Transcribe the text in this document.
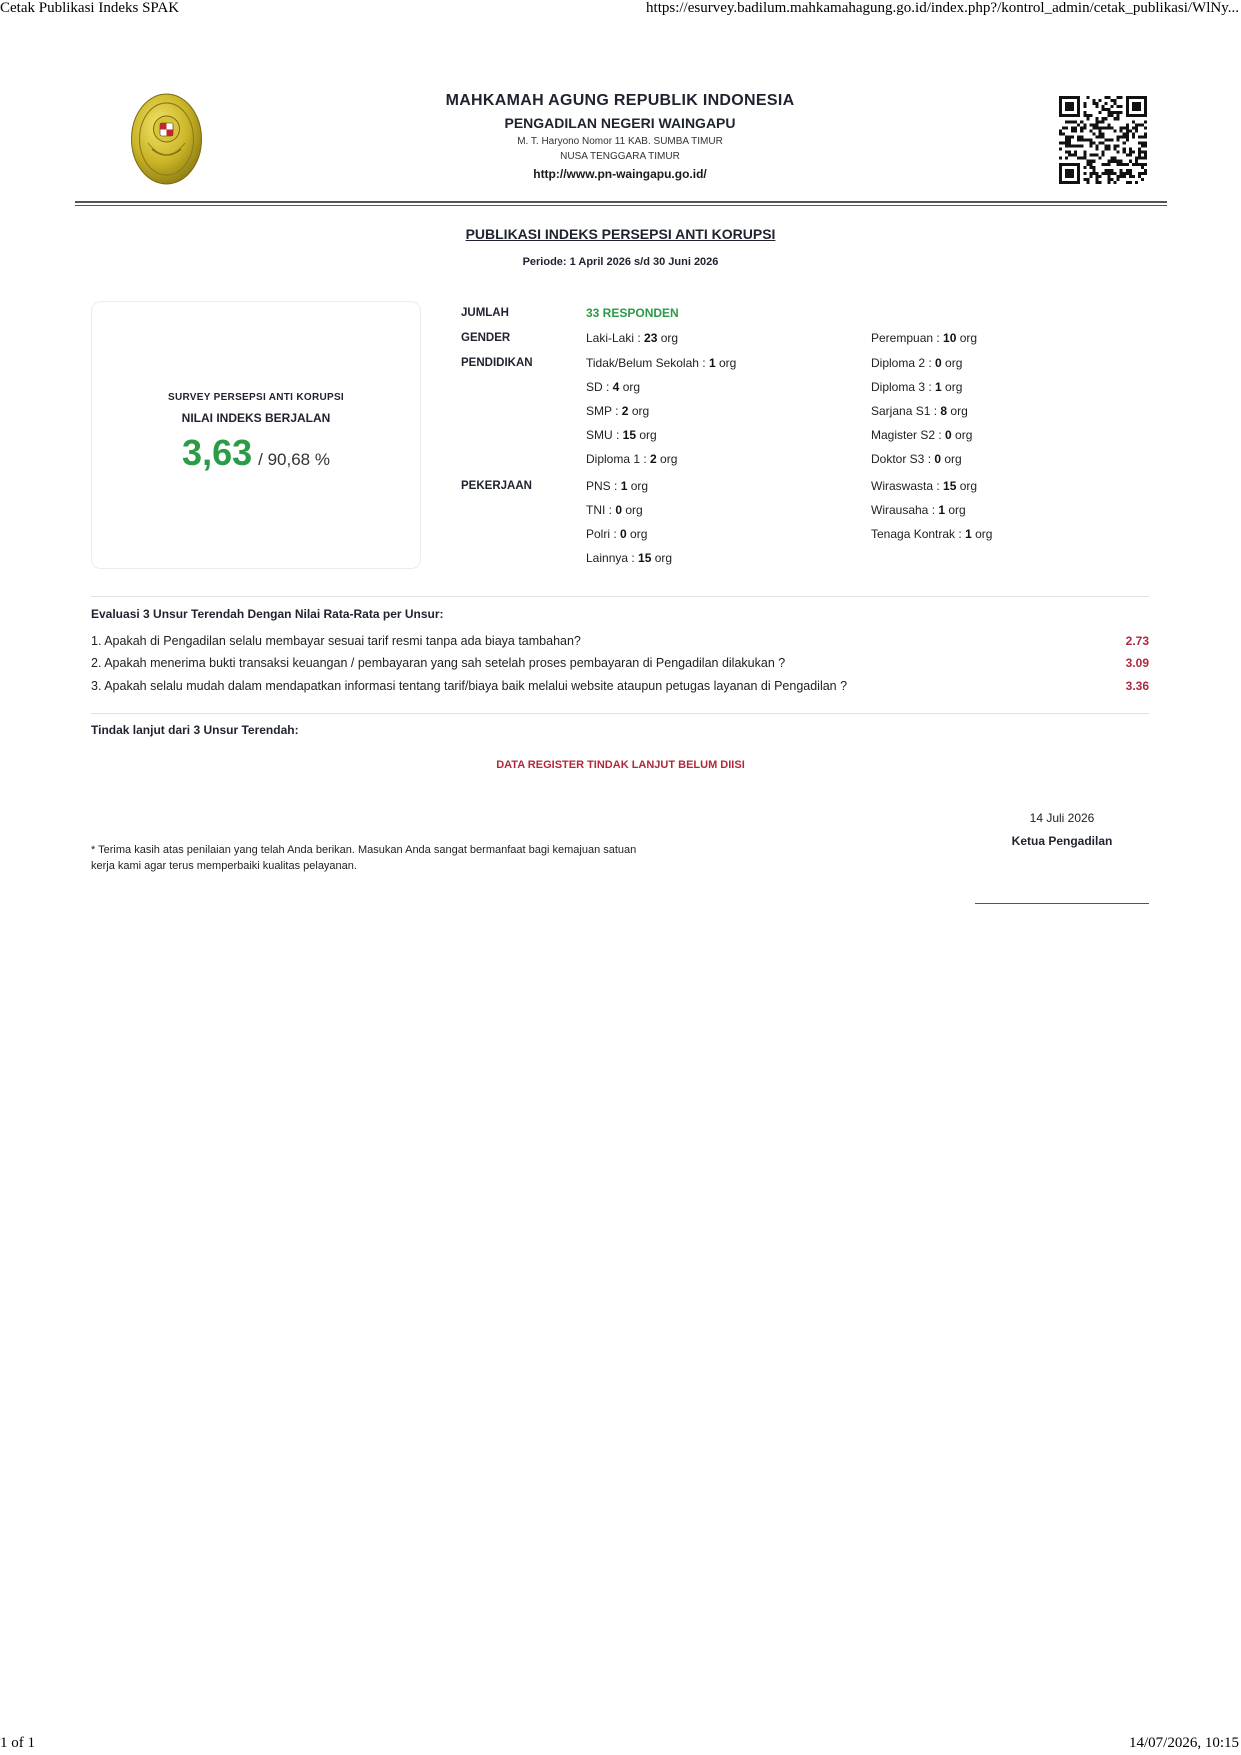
Cetak Publikasi Indeks SPAK	https://esurvey.badilum.mahkamahagung.go.id/index.php?/kontrol_admin/cetak_publikasi/WlNy...
1 of 1	14/07/2026, 10:15
MAHKAMAH AGUNG REPUBLIK INDONESIA
PENGADILAN NEGERI WAINGAPU
M. T. Haryono Nomor 11 KAB. SUMBA TIMUR
NUSA TENGGARA TIMUR
http://www.pn-waingapu.go.id/
PUBLIKASI INDEKS PERSEPSI ANTI KORUPSI
Periode: 1 April 2026 s/d 30 Juni 2026
SURVEY PERSEPSI ANTI KORUPSI
NILAI INDEKS BERJALAN
3,63 / 90,68 %
JUMLAH	33 RESPONDEN
GENDER	Laki-Laki : 23 org	Perempuan : 10 org
PENDIDIKAN	Tidak/Belum Sekolah : 1 org	Diploma 2 : 0 org
SD : 4 org	Diploma 3 : 1 org
SMP : 2 org	Sarjana S1 : 8 org
SMU : 15 org	Magister S2 : 0 org
Diploma 1 : 2 org	Doktor S3 : 0 org
PEKERJAAN	PNS : 1 org	Wiraswasta : 15 org
TNI : 0 org	Wirausaha : 1 org
Polri : 0 org	Tenaga Kontrak : 1 org
Lainnya : 15 org
Evaluasi 3 Unsur Terendah Dengan Nilai Rata-Rata per Unsur:
1. Apakah di Pengadilan selalu membayar sesuai tarif resmi tanpa ada biaya tambahan?	2.73
2. Apakah menerima bukti transaksi keuangan / pembayaran yang sah setelah proses pembayaran di Pengadilan dilakukan ?	3.09
3. Apakah selalu mudah dalam mendapatkan informasi tentang tarif/biaya baik melalui website ataupun petugas layanan di Pengadilan ?	3.36
Tindak lanjut dari 3 Unsur Terendah:
DATA REGISTER TINDAK LANJUT BELUM DIISI
* Terima kasih atas penilaian yang telah Anda berikan. Masukan Anda sangat bermanfaat bagi kemajuan satuan kerja kami agar terus memperbaiki kualitas pelayanan.
14 Juli 2026
Ketua Pengadilan
